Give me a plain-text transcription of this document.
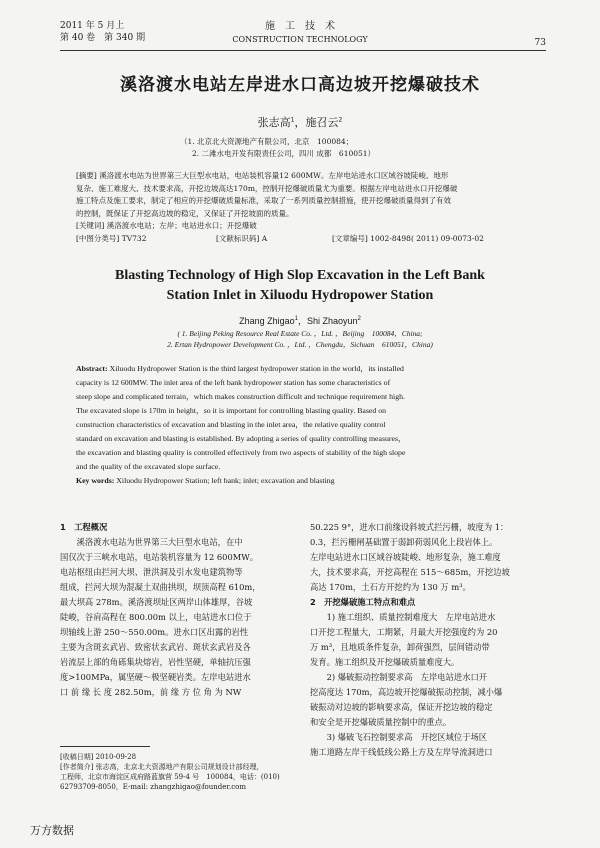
2011 年 5 月上
第 40 卷　第 340 期
施　工　技　术
CONSTRUCTION TECHNOLOGY	73
溪洛渡水电站左岸进水口高边坡开挖爆破技术
张志高$^1$，施召云$^2$
（1. 北京北大资源地产有限公司，北京　100084；
2. 二滩水电开发有限责任公司，四川 成都　610051）
[摘要] 溪洛渡水电站为世界第三大巨型水电站，电站装机容量12 600MW。左岸电站进水口区域谷坡陡峻、地形
复杂、施工难度大、技术要求高，开挖边坡高达170m，控制开挖爆破质量尤为重要。根据左岸电站进水口开挖爆破
施工特点及施工要求，制定了相应的开挖爆破质量标准，采取了一系列质量控制措施，使开挖爆破质量得到了有效
的控制，既保证了开挖高边坡的稳定，又保证了开挖坡面的质量。
[关键词] 溪洛渡水电站；左岸；电站进水口；开挖爆破
[中图分类号] TV732	[文献标识码] A	[文章编号] 1002-8498( 2011) 09-0073-02
Blasting Technology of High Slop Excavation in the Left Bank
Station Inlet in Xiluodu Hydropower Station
Zhang Zhigao$^1$，Shi Zhaoyun$^2$
( 1. Beijing Peking Resource Real Estate Co. ，Ltd. ，Beijing　100084，China;
2. Ertan Hydropower Development Co. ，Ltd. ，Chengdu，Sichuan　610051，China)
Abstract: Xiluodu Hydropower Station is the third largest hydropower station in the world，its installed
capacity is 12 600MW. The inlet area of the left bank hydropower station has some characteristics of
steep slope and complicated terrain，which makes construction difficult and technique requirement high.
The excavated slope is 170m in height，so it is important for controlling blasting quality. Based on
construction characteristics of excavation and blasting in the inlet area，the relative quality control
standard on excavation and blasting is established. By adopting a series of quality controlling measures，
the excavation and blasting quality is controlled effectively from two aspects of stability of the high slope
and the quality of the excavated slope surface.
Key words: Xiluodu Hydropower Station; left bank; inlet; excavation and blasting
1　工程概况
　　溪洛渡水电站为世界第三大巨型水电站，在中
国仅次于三峡水电站，电站装机容量为 12 600MW。
电站枢纽由拦河大坝、泄洪洞及引水发电建筑物等
组成，拦河大坝为混凝土双曲拱坝，坝顶高程 610m，
最大坝高 278m。溪洛渡坝址区两岸山体雄厚，谷坡
陡峻，谷肩高程在 800.00m 以上，电站进水口位于
坝轴线上游 250～550.00m。进水口区出露的岩性
主要为含斑玄武岩、致密状玄武岩、斑状玄武岩及各
岩流层上部的角砾集块熔岩，岩性坚硬，单轴抗压强
度>100MPa，属坚硬～极坚硬岩类。左岸电站进水
口 前 缘 长 度 282.50m，前 缘 方 位 角 为 NW
[收稿日期] 2010-09-28
[作者简介] 张志高，北京北大资源地产有限公司规划设计部经理，
工程师，北京市海淀区成府路蓝旗营 59-4 号　100084，电话：(010)
62793709-8050，E-mail: zhangzhigao@founder.com
50.225 9°，进水口前缘设斜坡式拦污栅，坡度为 1：
0.3，拦污栅闸基础置于弱卸荷弱风化上段岩体上。
左岸电站进水口区域谷坡陡峻、地形复杂，施工难度
大，技术要求高，开挖高程在 515～685m，开挖边坡
高达 170m，土石方开挖约为 130 万 m³。
2　开挖爆破施工特点和难点
　　1) 施工组织、质量控制难度大　左岸电站进水
口开挖工程量大，工期紧，月最大开挖强度约为 20
万 m³，且地质条件复杂，卸荷强烈，层间错动带
发育。施工组织及开挖爆破质量难度大。
　　2) 爆破振动控制要求高　左岸电站进水口开
挖高度达 170m，高边坡开挖爆破振动控制，减小爆
破振动对边坡的影响要求高，保证开挖边坡的稳定
和安全是开挖爆破质量控制中的重点。
　　3) 爆破飞石控制要求高　开挖区域位于场区
施工道路左岸干线低线公路上方及左岸导流洞进口
万方数据
